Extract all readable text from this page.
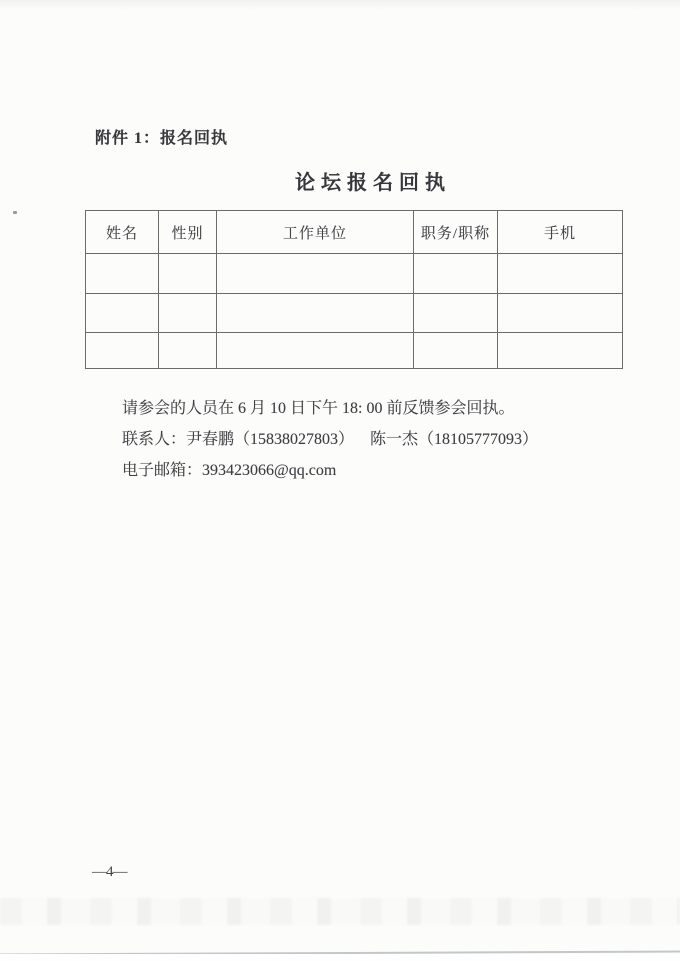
附件 1：报名回执
论坛报名回执
姓名	性别	工作单位	职务/职称	手机

请参会的人员在 6 月 10 日下午 18: 00 前反馈参会回执。
联系人：尹春鹏（15838027803） 陈一杰（18105777093）
电子邮箱：393423066@qq.com
—4—
